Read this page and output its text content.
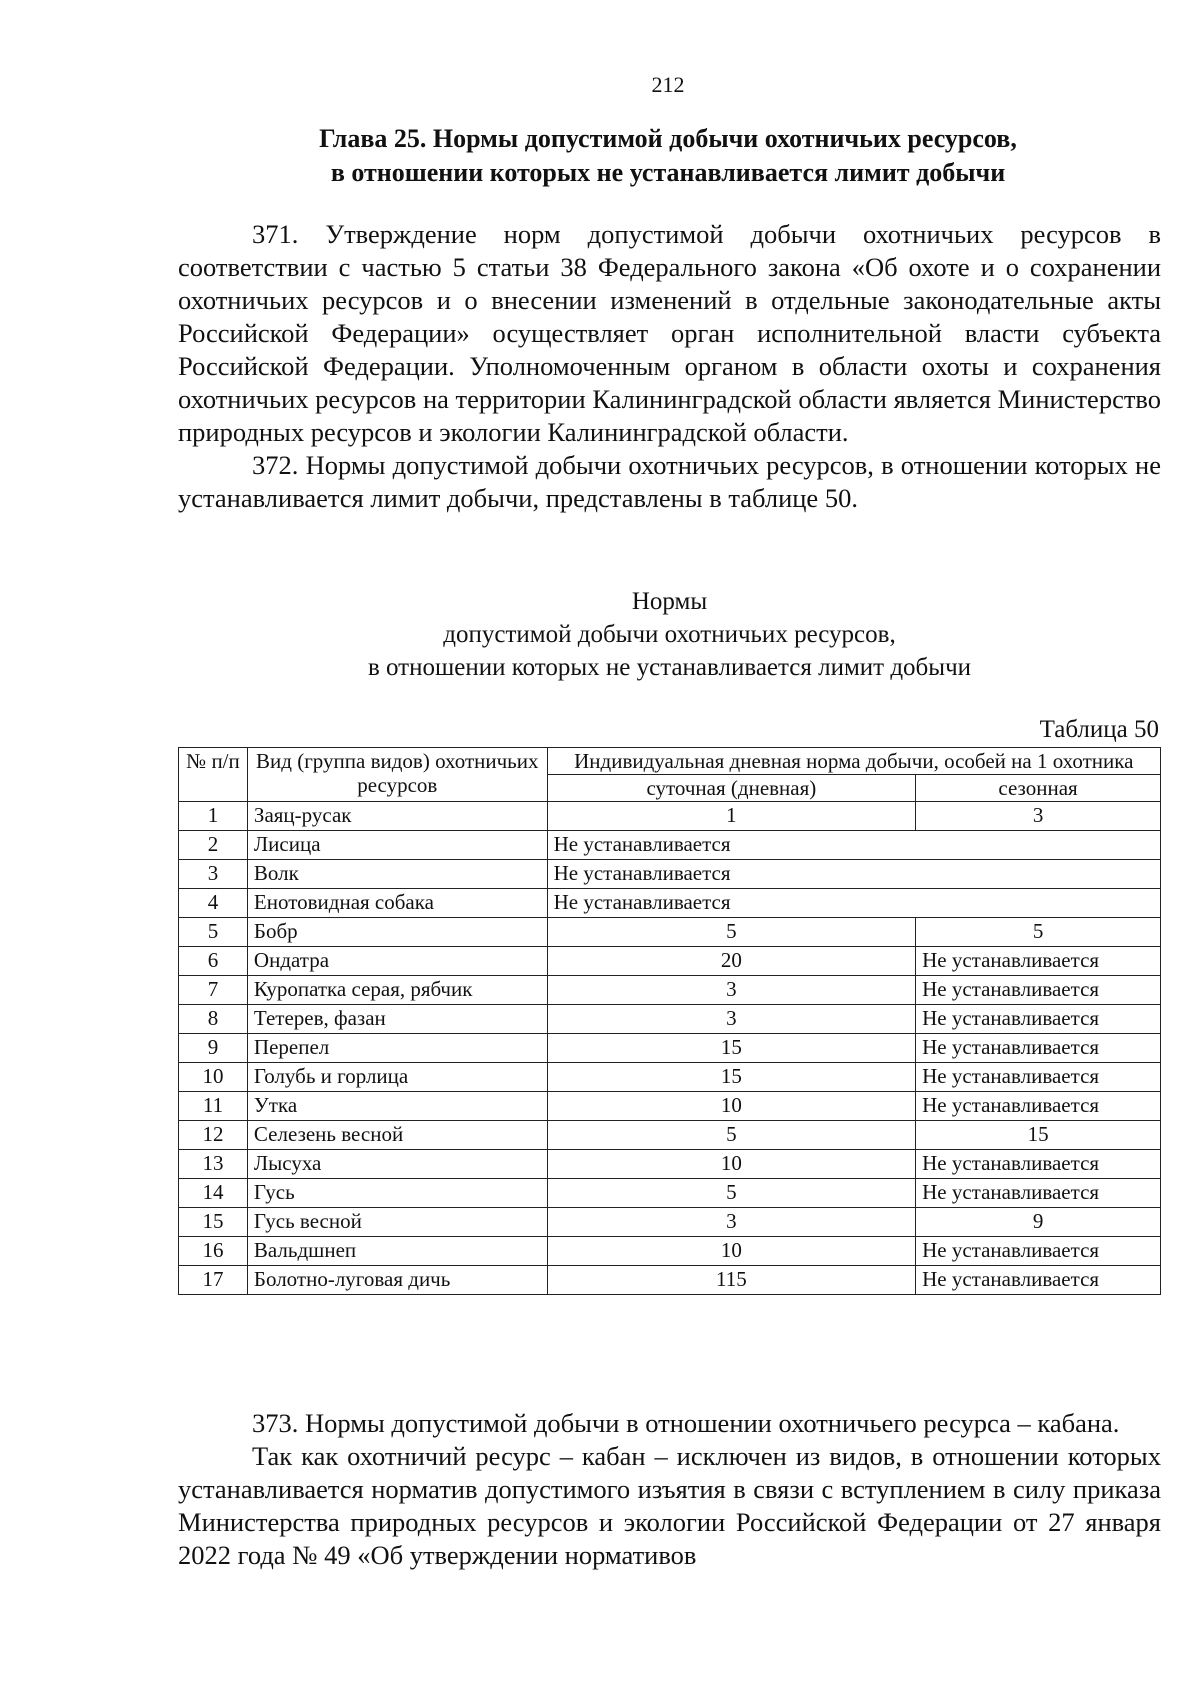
212
Глава 25. Нормы допустимой добычи охотничьих ресурсов,
в отношении которых не устанавливается лимит добычи

371. Утверждение норм допустимой добычи охотничьих ресурсов в соответствии с частью 5 статьи 38 Федерального закона «Об охоте и о сохранении охотничьих ресурсов и о внесении изменений в отдельные законодательные акты Российской Федерации» осуществляет орган исполнительной власти субъекта Российской Федерации. Уполномоченным органом в области охоты и сохранения охотничьих ресурсов на территории Калининградской области является Министерство природных ресурсов и экологии Калининградской области.

372. Нормы допустимой добычи охотничьих ресурсов, в отношении которых не устанавливается лимит добычи, представлены в таблице 50.

Нормы
допустимой добычи охотничьих ресурсов,
в отношении которых не устанавливается лимит добычи
Таблица 50
№ п/п	Вид (группа видов) охотничьих ресурсов	Индивидуальная дневная норма добычи, особей на 1 охотника	
		суточная (дневная)	сезонная
1	Заяц-русак	1	3
2	Лисица	Не устанавливается	
3	Волк	Не устанавливается	
4	Енотовидная собака	Не устанавливается	
5	Бобр	5	5
6	Ондатра	20	Не устанавливается
7	Куропатка серая, рябчик	3	Не устанавливается
8	Тетерев, фазан	3	Не устанавливается
9	Перепел	15	Не устанавливается
10	Голубь и горлица	15	Не устанавливается
11	Утка	10	Не устанавливается
12	Селезень весной	5	15
13	Лысуха	10	Не устанавливается
14	Гусь	5	Не устанавливается
15	Гусь весной	3	9
16	Вальдшнеп	10	Не устанавливается
17	Болотно-луговая дичь	115	Не устанавливается

373. Нормы допустимой добычи в отношении охотничьего ресурса – кабана.

Так как охотничий ресурс – кабан – исключен из видов, в отношении которых устанавливается норматив допустимого изъятия в связи с вступлением в силу приказа Министерства природных ресурсов и экологии Российской Федерации от 27 января 2022 года № 49 «Об утверждении нормативов
